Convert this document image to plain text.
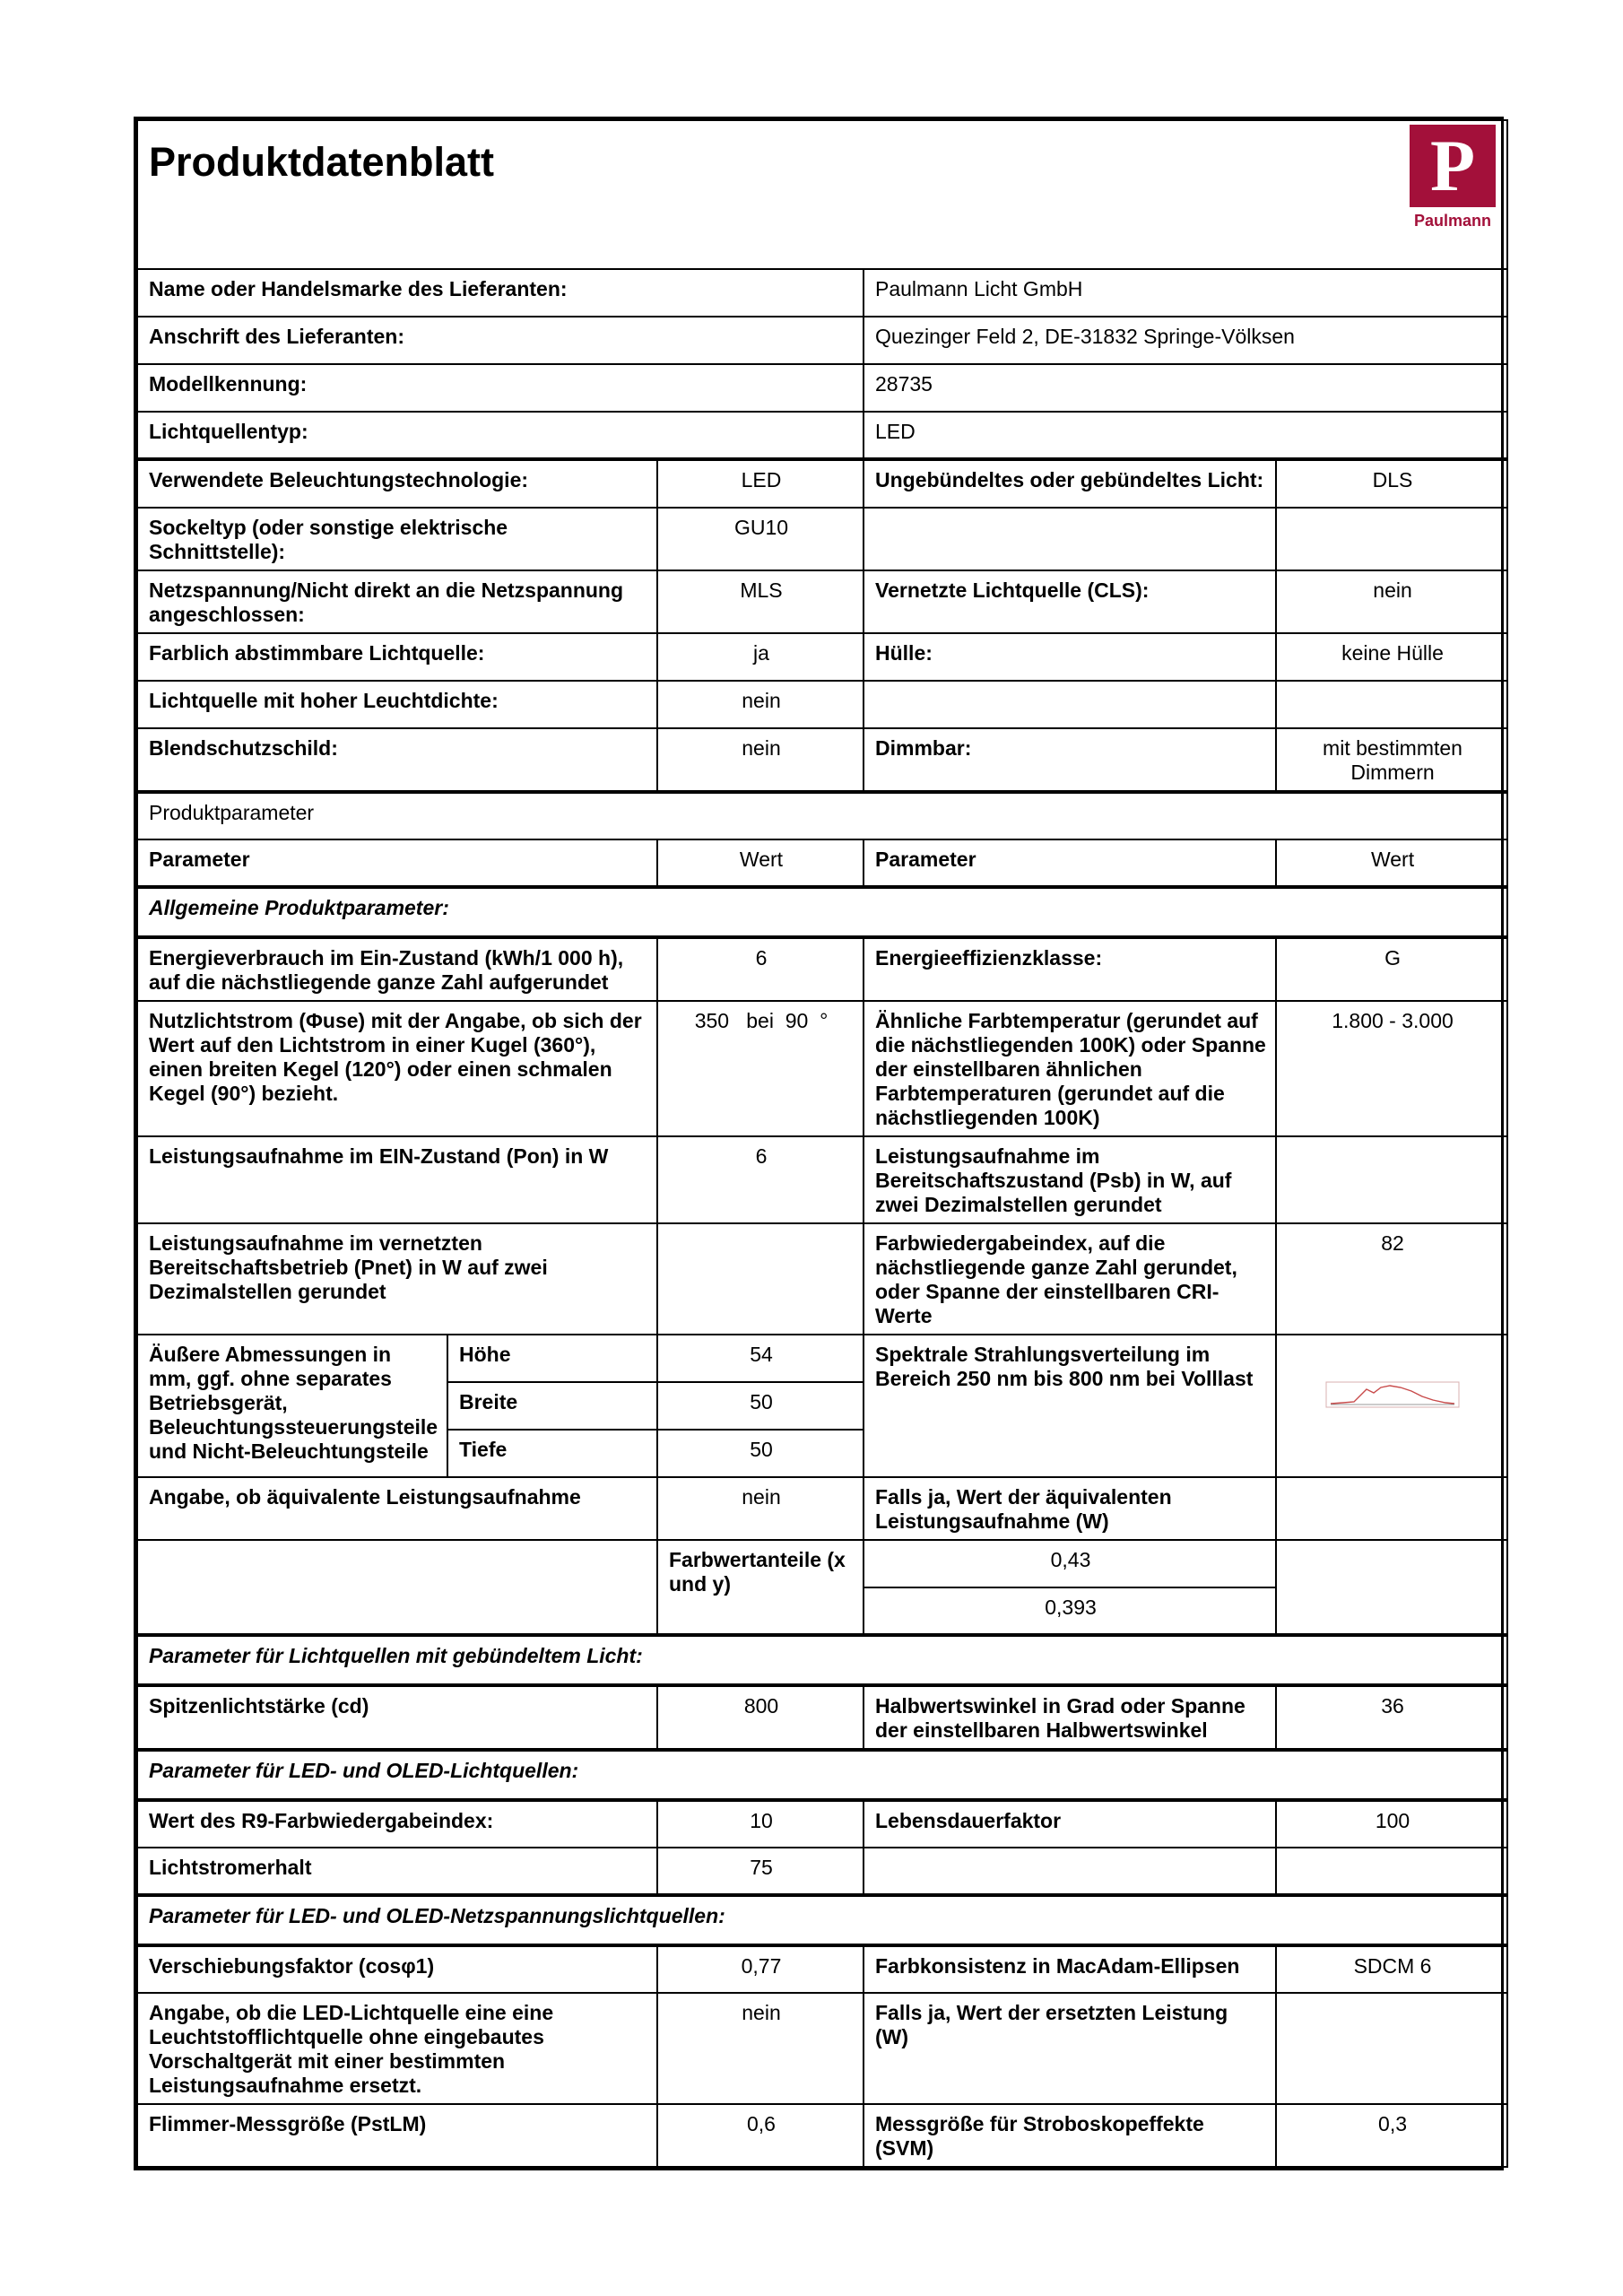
Produktdatenblatt P
Paulmann				

Name oder Handelsmarke des Lieferanten:			Paulmann Licht GmbH	
Anschrift des Lieferanten:			Quezinger Feld 2, DE-31832 Springe-Völksen	
Modellkennung:			28735	
Lichtquellentyp:			LED	
Verwendete Beleuchtungstechnologie:		LED	Ungebündeltes oder gebündeltes Licht:	DLS
Sockeltyp (oder sonstige elektrische Schnittstelle):		GU10		
Netzspannung/Nicht direkt an die Netzspannung angeschlossen:		MLS	Vernetzte Lichtquelle (CLS):	nein
Farblich abstimmbare Lichtquelle:		ja	Hülle:	keine Hülle
Lichtquelle mit hoher Leuchtdichte:		nein		
Blendschutzschild:		nein	Dimmbar:	mit bestimmten Dimmern
Produktparameter				
Parameter		Wert	Parameter	Wert
Allgemeine Produktparameter:				
Energieverbrauch im Ein-Zustand (kWh/1 000 h), auf die nächstliegende ganze Zahl aufgerundet		6	Energieeffizienzklasse:	G
Nutzlichtstrom (Φuse) mit der Angabe, ob sich der Wert auf den Lichtstrom in einer Kugel (360°), einen breiten Kegel (120°) oder einen schmalen Kegel (90°) bezieht.		350   bei  90  °	Ähnliche Farbtemperatur (gerundet auf die nächstliegenden 100K) oder Spanne der einstellbaren ähnlichen Farbtemperaturen (gerundet auf die nächstliegenden 100K)	1.800 - 3.000
Leistungsaufnahme im EIN-Zustand (Pon) in W		6	Leistungsaufnahme im Bereitschaftszustand (Psb) in W, auf zwei Dezimalstellen gerundet	
Leistungsaufnahme im vernetzten Bereitschaftsbetrieb (Pnet) in W auf zwei Dezimalstellen gerundet			Farbwiedergabeindex, auf die nächstliegende ganze Zahl gerundet, oder Spanne der einstellbaren CRI-Werte	82
Äußere Abmessungen in mm, ggf. ohne separates Betriebsgerät, Beleuchtungssteuerungsteile und Nicht-Beleuchtungsteile	Höhe	54	Spektrale Strahlungsverteilung im Bereich 250 nm bis 800 nm bei Volllast	

	Breite	50		
	Tiefe	50		
Angabe, ob äquivalente Leistungsaufnahme		nein	Falls ja, Wert der äquivalenten Leistungsaufnahme (W)	
		Farbwertanteile (x und y)	0,43	
			0,393	
Parameter für Lichtquellen mit gebündeltem Licht:				
Spitzenlichtstärke (cd)		800	Halbwertswinkel in Grad oder Spanne der einstellbaren Halbwertswinkel	36
Parameter für LED- und OLED-Lichtquellen:				
Wert des R9-Farbwiedergabeindex:		10	Lebensdauerfaktor	100
Lichtstromerhalt		75		
Parameter für LED- und OLED-Netzspannungslichtquellen:				
Verschiebungsfaktor (cosφ1)		0,77	Farbkonsistenz in MacAdam-Ellipsen	SDCM 6
Angabe, ob die LED-Lichtquelle eine eine Leuchtstofflichtquelle ohne eingebautes Vorschaltgerät mit einer bestimmten Leistungsaufnahme ersetzt.		nein	Falls ja, Wert der ersetzten Leistung (W)	
Flimmer-Messgröße (PstLM)		0,6	Messgröße für Stroboskopeffekte (SVM)	0,3
